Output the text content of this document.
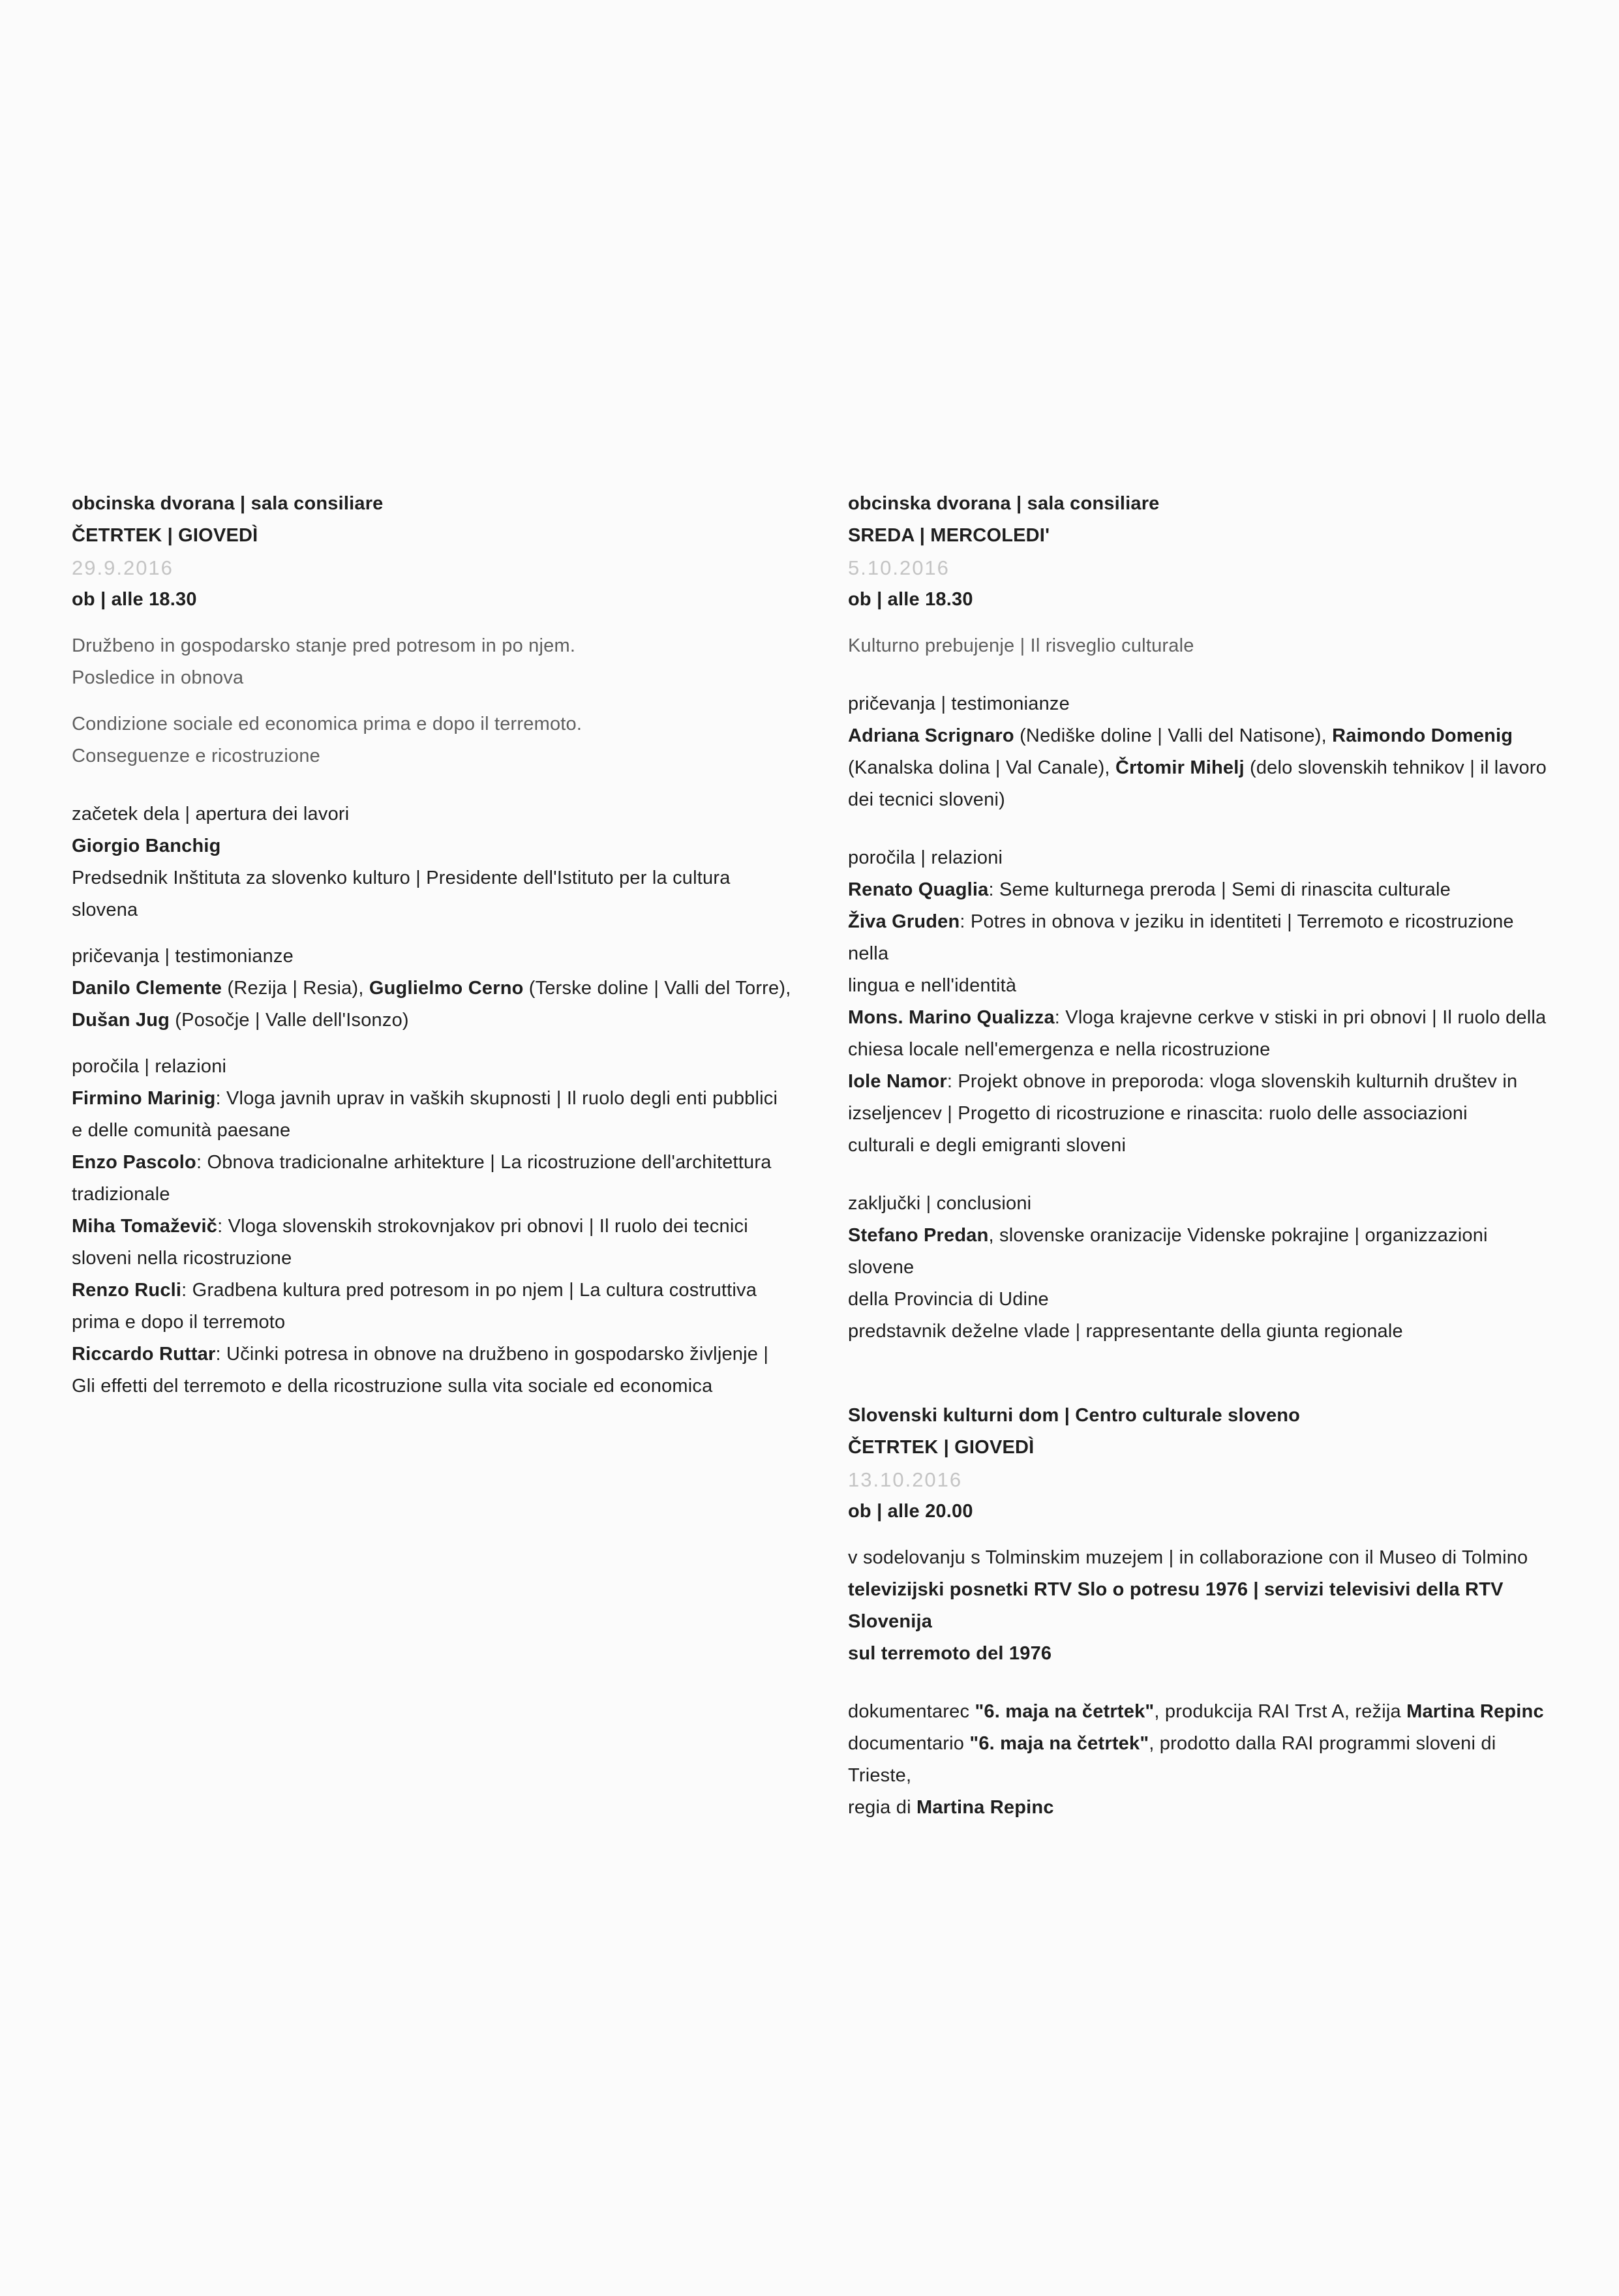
obcinska dvorana | sala consiliare
ČETRTEK | GIOVEDÌ
29.9.2016
ob | alle 18.30
Družbeno in gospodarsko stanje pred potresom in po njem.
Posledice in obnova
Condizione sociale ed economica prima e dopo il terremoto.
Conseguenze e ricostruzione
začetek dela | apertura dei lavori
Giorgio Banchig
Predsednik Inštituta za slovenko kulturo | Presidente dell'Istituto per la cultura
slovena
pričevanja | testimonianze
Danilo Clemente (Rezija | Resia), Guglielmo Cerno (Terske doline | Valli del Torre),
Dušan Jug (Posočje | Valle dell'Isonzo)
poročila | relazioni
Firmino Marinig: Vloga javnih uprav in vaških skupnosti | Il ruolo degli enti pubblici
e delle comunità paesane
Enzo Pascolo: Obnova tradicionalne arhitekture | La ricostruzione dell'architettura
tradizionale
Miha Tomaževič: Vloga slovenskih strokovnjakov pri obnovi | Il ruolo dei tecnici
sloveni nella ricostruzione
Renzo Rucli: Gradbena kultura pred potresom in po njem | La cultura costruttiva
prima e dopo il terremoto
Riccardo Ruttar: Učinki potresa in obnove na družbeno in gospodarsko življenje |
Gli effetti del terremoto e della ricostruzione sulla vita sociale ed economica
obcinska dvorana | sala consiliare
SREDA | MERCOLEDI'
5.10.2016
ob | alle 18.30
Kulturno prebujenje | Il risveglio culturale
pričevanja | testimonianze
Adriana Scrignaro (Nediške doline | Valli del Natisone), Raimondo Domenig
(Kanalska dolina | Val Canale), Črtomir Mihelj (delo slovenskih tehnikov | il lavoro
dei tecnici sloveni)
poročila | relazioni
Renato Quaglia: Seme kulturnega preroda | Semi di rinascita culturale
Živa Gruden: Potres in obnova v jeziku in identiteti | Terremoto e ricostruzione nella
lingua e nell'identità
Mons. Marino Qualizza: Vloga krajevne cerkve v stiski in pri obnovi | Il ruolo della
chiesa locale nell'emergenza e nella ricostruzione
Iole Namor: Projekt obnove in preporoda: vloga slovenskih kulturnih društev in
izseljencev | Progetto di ricostruzione e rinascita: ruolo delle associazioni
culturali e degli emigranti sloveni
zaključki | conclusioni
Stefano Predan, slovenske oranizacije Videnske pokrajine | organizzazioni slovene
della Provincia di Udine
predstavnik deželne vlade | rappresentante della giunta regionale
Slovenski kulturni dom | Centro culturale sloveno
ČETRTEK | GIOVEDÌ
13.10.2016
ob | alle 20.00
v sodelovanju s Tolminskim muzejem | in collaborazione con il Museo di Tolmino
televizijski posnetki RTV Slo o potresu 1976 | servizi televisivi della RTV Slovenija
sul terremoto del 1976
dokumentarec "6. maja na četrtek", produkcija RAI Trst A, režija Martina Repinc
documentario "6. maja na četrtek", prodotto dalla RAI programmi sloveni di Trieste,
regia di Martina Repinc
